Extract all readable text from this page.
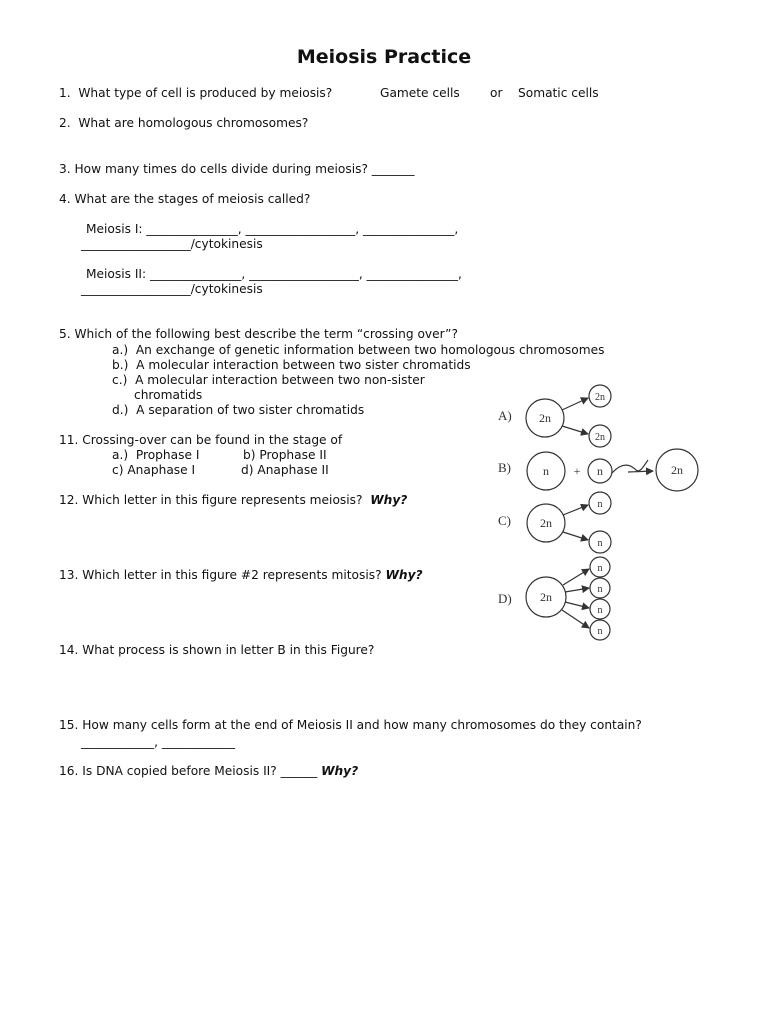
Meiosis Practice
1.  What type of cell is produced by meiosis?	Gamete cells or Somatic cells
2.  What are homologous chromosomes?
3. How many times do cells divide during meiosis? _______
4. What are the stages of meiosis called?
Meiosis I: _______________, __________________, _______________,
__________________/cytokinesis
Meiosis II: _______________, __________________, _______________,
__________________/cytokinesis
5. Which of the following best describe the term “crossing over”?
a.)  An exchange of genetic information between two homologous chromosomes
b.)  A molecular interaction between two sister chromatids
c.)  A molecular interaction between two non-sister
chromatids
d.)  A separation of two sister chromatids
11. Crossing-over can be found in the stage of
a.)  Prophase I	b) Prophase II
c) Anaphase I	d) Anaphase II
12. Which letter in this figure represents meiosis? Why?
13. Which letter in this figure #2 represents mitosis? Why?
14. What process is shown in letter B in this Figure?
15. How many cells form at the end of Meiosis II and how many chromosomes do they contain?
____________, ____________
16. Is DNA copied before Meiosis II? ______ Why?
A)
B)
C)
D)
2n
2n
2n
n + n	2n
2n
n
n
2n
n
n
n
n
